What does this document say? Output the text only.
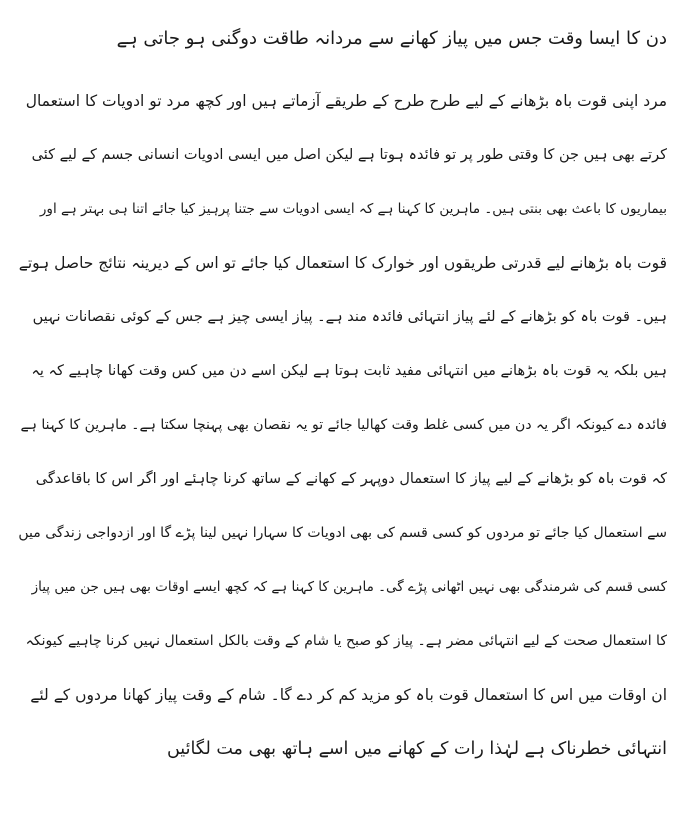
دن کا ایسا وقت جس میں پیاز کھانے سے مردانہ طاقت دوگنی ہو جاتی ہے
مرد اپنی قوت باہ بڑھانے کے لیے طرح طرح کے طریقے آزماتے ہیں اور کچھ مرد تو ادویات کا استعمال
کرتے بھی ہیں جن کا وقتی طور پر تو فائدہ ہوتا ہے لیکن اصل میں ایسی ادویات انسانی جسم کے لیے کئی
بیماریوں کا باعث بھی بنتی ہیں۔ ماہرین کا کہنا ہے کہ ایسی ادویات سے جتنا پرہیز کیا جائے اتنا ہی بہتر ہے اور
قوت باہ بڑھانے لیے قدرتی طریقوں اور خوارک کا استعمال کیا جائے تو اس کے دیرینہ نتائج حاصل ہوتے
ہیں۔ قوت باہ کو بڑھانے کے لئے پیاز انتہائی فائدہ مند ہے۔ پیاز ایسی چیز ہے جس کے کوئی نقصانات نہیں
ہیں بلکہ یہ قوت باہ بڑھانے میں انتہائی مفید ثابت ہوتا ہے لیکن اسے دن میں کس وقت کھانا چاہیے کہ یہ
فائدہ دے کیونکہ اگر یہ دن میں کسی غلط وقت کھالیا جائے تو یہ نقصان بھی پہنچا سکتا ہے۔ ماہرین کا کہنا ہے
کہ قوت باہ کو بڑھانے کے لیے پیاز کا استعمال دوپہر کے کھانے کے ساتھ کرنا چاہئے اور اگر اس کا باقاعدگی
سے استعمال کیا جائے تو مردوں کو کسی قسم کی بھی ادویات کا سہارا نہیں لینا پڑے گا اور ازدواجی زندگی میں
کسی قسم کی شرمندگی بھی نہیں اٹھانی پڑے گی۔ ماہرین کا کہنا ہے کہ کچھ ایسے اوقات بھی ہیں جن میں پیاز
کا استعمال صحت کے لیے انتہائی مضر ہے۔ پیاز کو صبح یا شام کے وقت بالکل استعمال نہیں کرنا چاہیے کیونکہ
ان اوقات میں اس کا استعمال قوت باہ کو مزید کم کر دے گا۔ شام کے وقت پیاز کھانا مردوں کے لئے
انتہائی خطرناک ہے لہٰذا رات کے کھانے میں اسے ہاتھ بھی مت لگائیں
